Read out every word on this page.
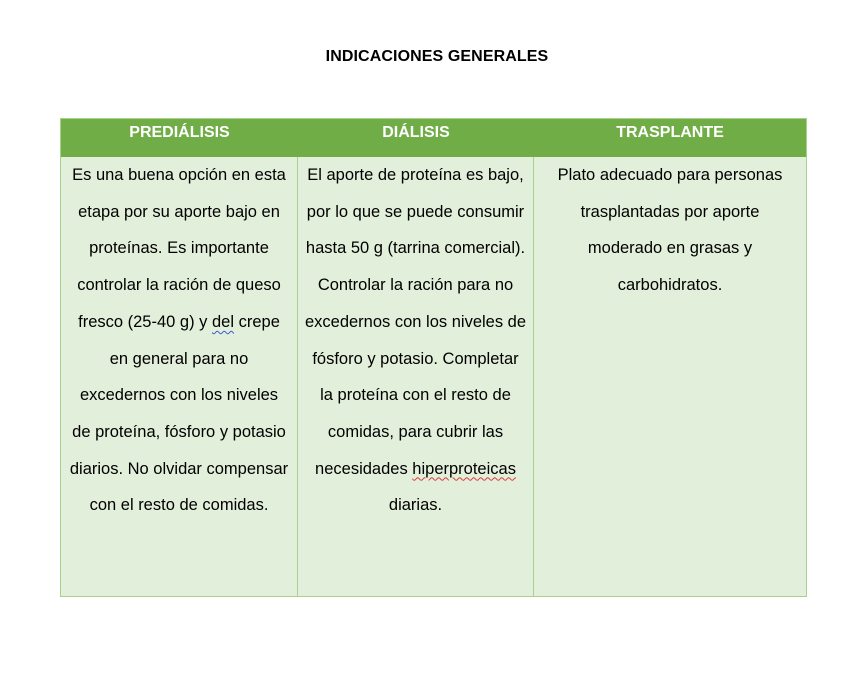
INDICACIONES GENERALES
PREDIÁLISIS	DIÁLISIS	TRASPLANTE
Es una buena opción en esta etapa por su aporte bajo en proteínas. Es importante controlar la ración de queso fresco (25-40 g) y del crepe en general para no excedernos con los niveles de proteína, fósforo y potasio diarios. No olvidar compensar con el resto de comidas.
El aporte de proteína es bajo, por lo que se puede consumir hasta 50 g (tarrina comercial). Controlar la ración para no excedernos con los niveles de fósforo y potasio. Completar la proteína con el resto de comidas, para cubrir las necesidades hiperproteicas diarias.
Plato adecuado para personas trasplantadas por aporte moderado en grasas y carbohidratos.
